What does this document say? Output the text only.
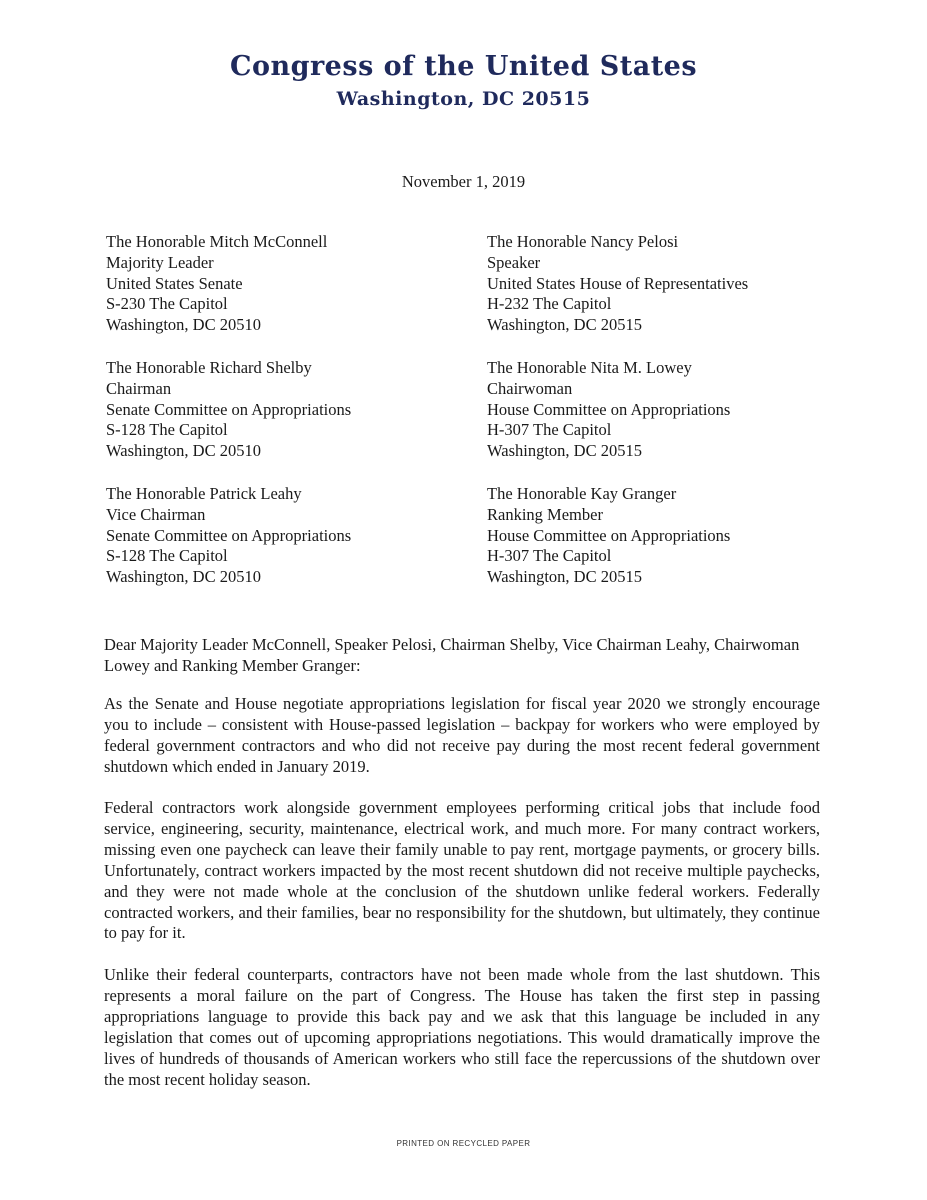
Congress of the United States
Washington, DC 20515
November 1, 2019
The Honorable Mitch McConnell
Majority Leader
United States Senate
S-230 The Capitol
Washington, DC 20510
The Honorable Nancy Pelosi
Speaker
United States House of Representatives
H-232 The Capitol
Washington, DC 20515
The Honorable Richard Shelby
Chairman
Senate Committee on Appropriations
S-128 The Capitol
Washington, DC 20510
The Honorable Nita M. Lowey
Chairwoman
House Committee on Appropriations
H-307 The Capitol
Washington, DC 20515
The Honorable Patrick Leahy
Vice Chairman
Senate Committee on Appropriations
S-128 The Capitol
Washington, DC 20510
The Honorable Kay Granger
Ranking Member
House Committee on Appropriations
H-307 The Capitol
Washington, DC 20515
Dear Majority Leader McConnell, Speaker Pelosi, Chairman Shelby, Vice Chairman Leahy, Chairwoman Lowey and Ranking Member Granger:

As the Senate and House negotiate appropriations legislation for fiscal year 2020 we strongly encourage you to include – consistent with House-passed legislation – backpay for workers who were employed by federal government contractors and who did not receive pay during the most recent federal government shutdown which ended in January 2019.

Federal contractors work alongside government employees performing critical jobs that include food service, engineering, security, maintenance, electrical work, and much more. For many contract workers, missing even one paycheck can leave their family unable to pay rent, mortgage payments, or grocery bills. Unfortunately, contract workers impacted by the most recent shutdown did not receive multiple paychecks, and they were not made whole at the conclusion of the shutdown unlike federal workers. Federally contracted workers, and their families, bear no responsibility for the shutdown, but ultimately, they continue to pay for it.

Unlike their federal counterparts, contractors have not been made whole from the last shutdown. This represents a moral failure on the part of Congress. The House has taken the first step in passing appropriations language to provide this back pay and we ask that this language be included in any legislation that comes out of upcoming appropriations negotiations. This would dramatically improve the lives of hundreds of thousands of American workers who still face the repercussions of the shutdown over the most recent holiday season.

PRINTED ON RECYCLED PAPER
